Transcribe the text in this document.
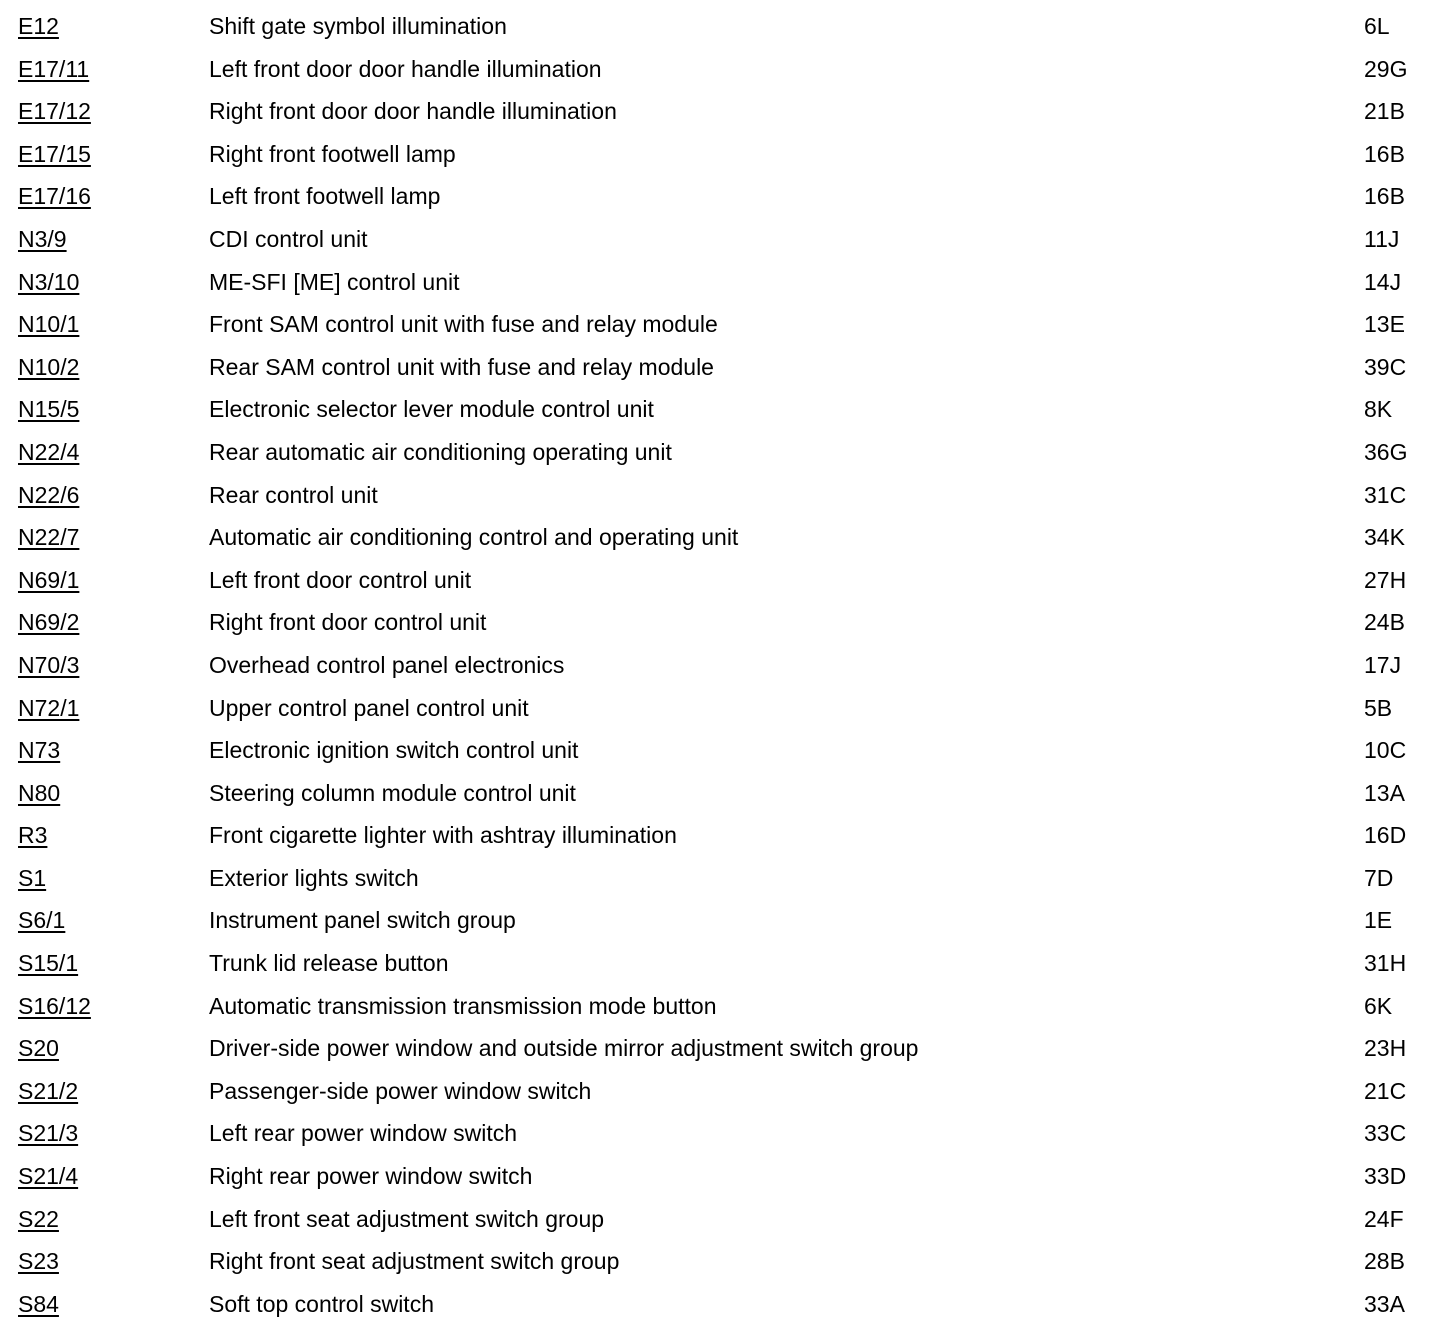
E12	Shift gate symbol illumination	6L
E17/11	Left front door door handle illumination	29G
E17/12	Right front door door handle illumination	21B
E17/15	Right front footwell lamp	16B
E17/16	Left front footwell lamp	16B
N3/9	CDI control unit	11J
N3/10	ME-SFI [ME] control unit	14J
N10/1	Front SAM control unit with fuse and relay module	13E
N10/2	Rear SAM control unit with fuse and relay module	39C
N15/5	Electronic selector lever module control unit	8K
N22/4	Rear automatic air conditioning operating unit	36G
N22/6	Rear control unit	31C
N22/7	Automatic air conditioning control and operating unit	34K
N69/1	Left front door control unit	27H
N69/2	Right front door control unit	24B
N70/3	Overhead control panel electronics	17J
N72/1	Upper control panel control unit	5B
N73	Electronic ignition switch control unit	10C
N80	Steering column module control unit	13A
R3	Front cigarette lighter with ashtray illumination	16D
S1	Exterior lights switch	7D
S6/1	Instrument panel switch group	1E
S15/1	Trunk lid release button	31H
S16/12	Automatic transmission transmission mode button	6K
S20	Driver-side power window and outside mirror adjustment switch group	23H
S21/2	Passenger-side power window switch	21C
S21/3	Left rear power window switch	33C
S21/4	Right rear power window switch	33D
S22	Left front seat adjustment switch group	24F
S23	Right front seat adjustment switch group	28B
S84	Soft top control switch	33A
